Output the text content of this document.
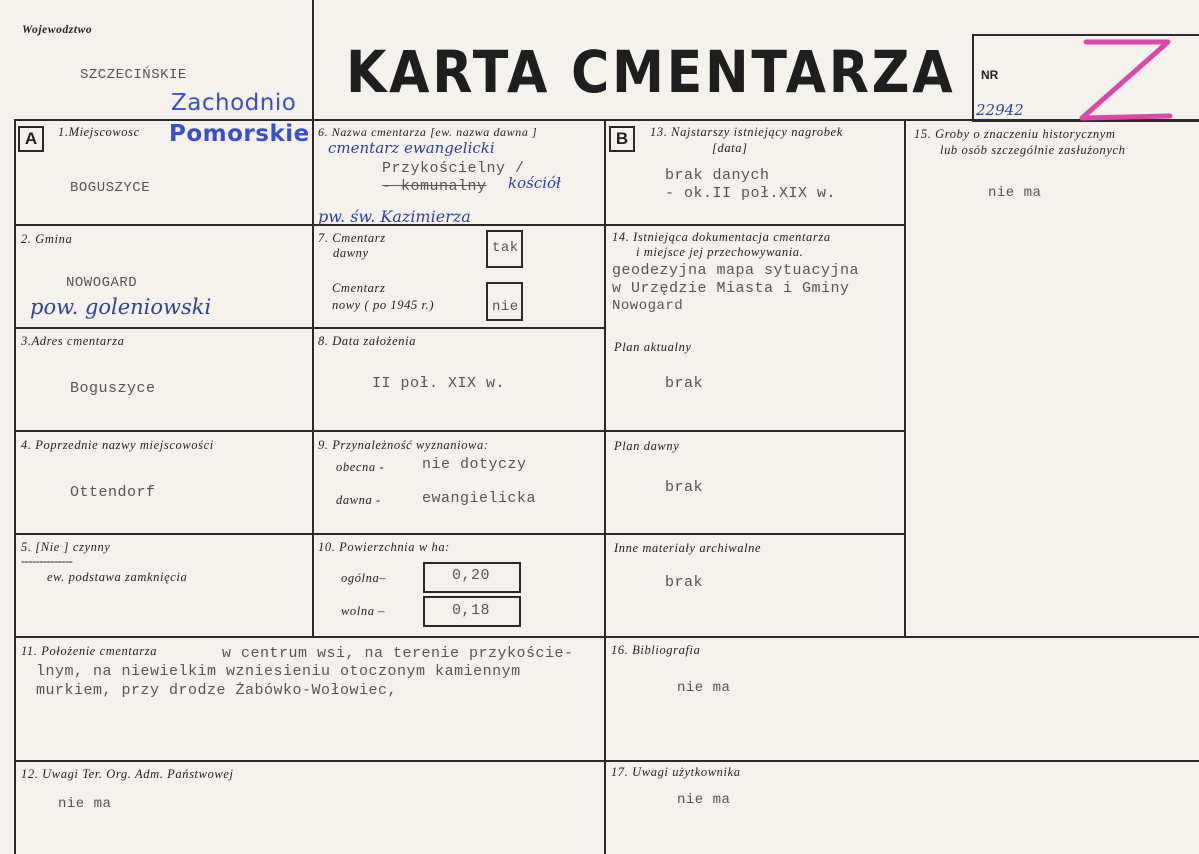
Wojewodztwo
SZCZECIŃSKIE
Zachodnio
Pomorskie
KARTA CMENTARZA NR
22942
A	B
1.Miejscowosc
BOGUSZYCE
2. Gmina
NOWOGARD
pow. goleniowski
3.Adres cmentarza
Boguszyce
4. Poprzednie nazwy miejscowości
Ottendorf
5. [Nie ] czynny
--------------
ew. podstawa zamknięcia
6. Nazwa cmentarza [ew. nazwa dawna ]
cmentarz ewangelicki
Przykościelny /
- komunalny kościół
pw. św. Kazimierza
7. Cmentarz
dawny	tak
Cmentarz
nowy ( po 1945 r.)	nie
8. Data założenia
II poł. XIX w.
9. Przynależność wyznaniowa:
obecna -	nie dotyczy
dawna -	ewangielicka
10. Powierzchnia w ha:
ogólna–	0,20
wolna –	0,18
11. Położenie cmentarza	w centrum wsi, na terenie przykoście-
lnym, na niewielkim wzniesieniu otoczonym kamiennym
murkiem, przy drodze Żabówko-Wołowiec,
12. Uwagi Ter. Org. Adm. Państwowej
nie ma
13. Najstarszy istniejący nagrobek
[data]
brak danych
- ok.II poł.XIX w.
14. Istniejąca dokumentacja cmentarza
i miejsce jej przechowywania.
geodezyjna mapa sytuacyjna
w Urzędzie Miasta i Gminy
Nowogard
Plan aktualny
brak
Plan dawny
brak
Inne materiały archiwalne
brak
15. Groby o znaczeniu historycznym
lub osób szczególnie zasłużonych
nie ma
16. Bibliografia
nie ma
17. Uwagi użytkownika
nie ma
